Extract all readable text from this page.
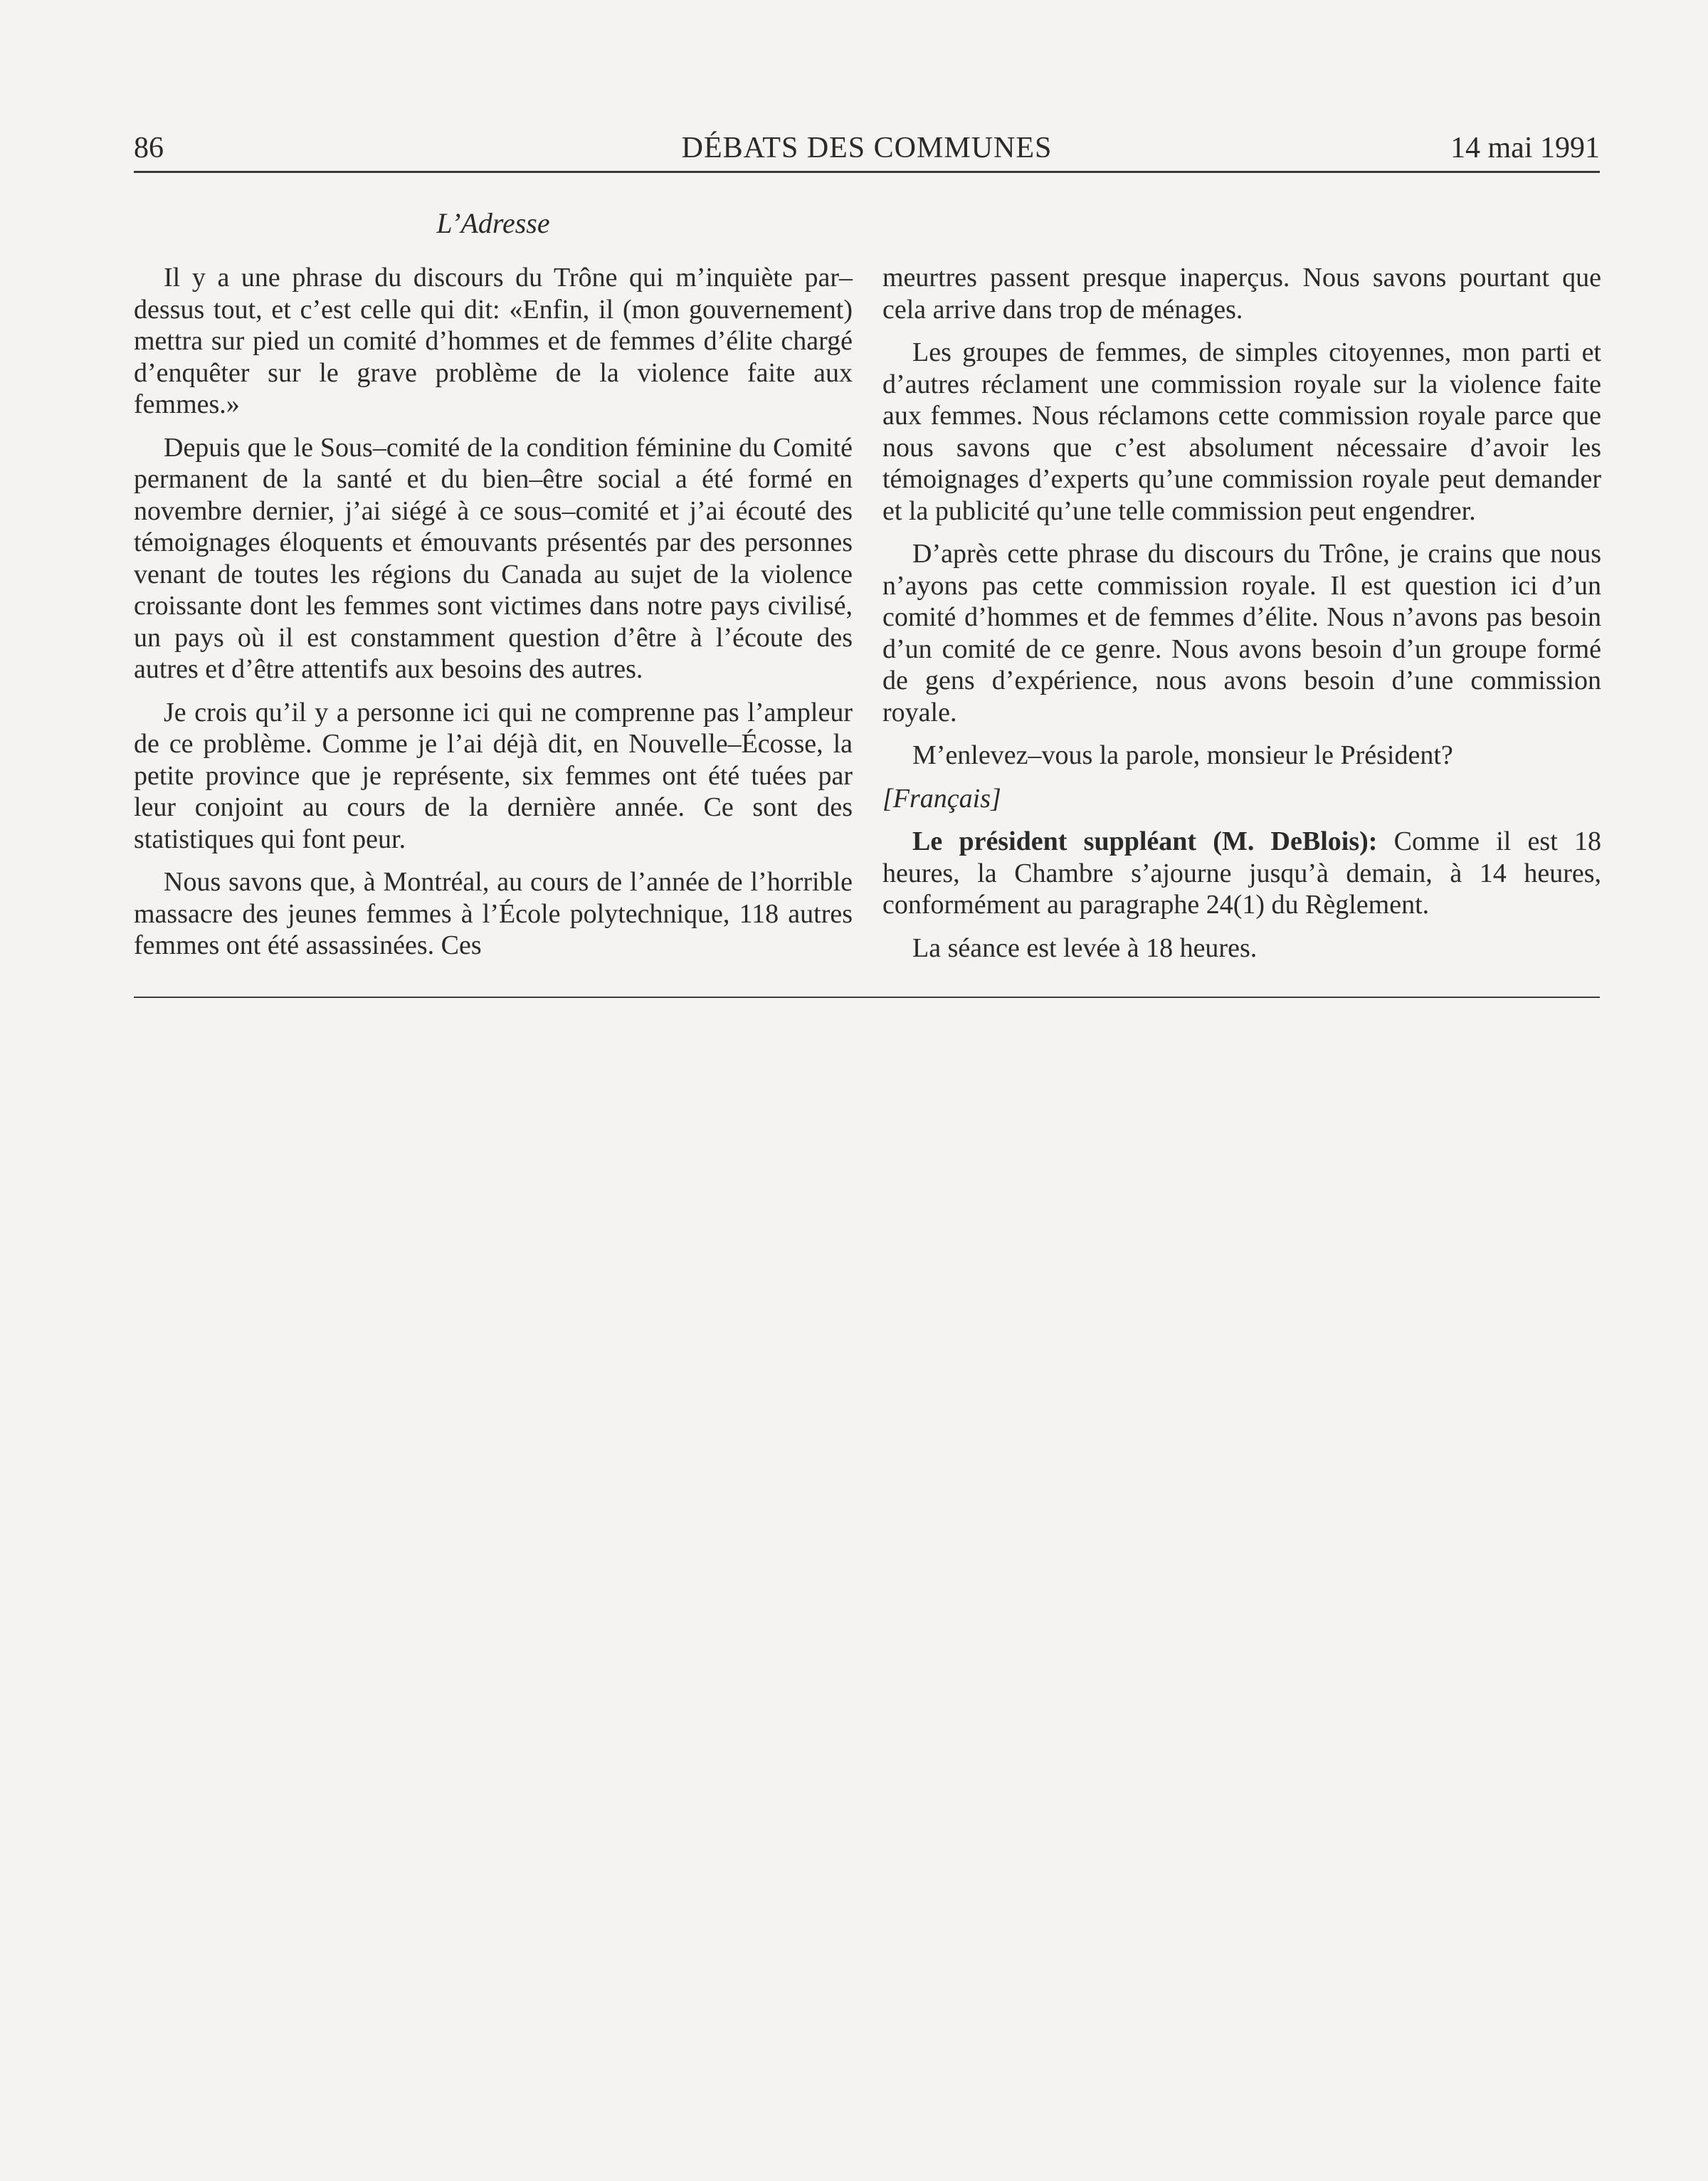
86	DÉBATS DES COMMUNES	14 mai 1991
L’Adresse

Il y a une phrase du discours du Trône qui m’inquiète par–dessus tout, et c’est celle qui dit: «Enfin, il (mon gouvernement) mettra sur pied un comité d’hommes et de femmes d’élite chargé d’enquêter sur le grave problème de la violence faite aux femmes.»

Depuis que le Sous–comité de la condition féminine du Comité permanent de la santé et du bien–être social a été formé en novembre dernier, j’ai siégé à ce sous–comité et j’ai écouté des témoignages éloquents et émouvants présentés par des personnes venant de toutes les régions du Canada au sujet de la violence croissante dont les femmes sont victimes dans notre pays civilisé, un pays où il est constamment question d’être à l’écoute des autres et d’être attentifs aux besoins des autres.

Je crois qu’il y a personne ici qui ne comprenne pas l’ampleur de ce problème. Comme je l’ai déjà dit, en Nouvelle–Écosse, la petite province que je représente, six femmes ont été tuées par leur conjoint au cours de la dernière année. Ce sont des statistiques qui font peur.

Nous savons que, à Montréal, au cours de l’année de l’horrible massacre des jeunes femmes à l’École polytechnique, 118 autres femmes ont été assassinées. Ces

meurtres passent presque inaperçus. Nous savons pourtant que cela arrive dans trop de ménages.

Les groupes de femmes, de simples citoyennes, mon parti et d’autres réclament une commission royale sur la violence faite aux femmes. Nous réclamons cette commission royale parce que nous savons que c’est absolument nécessaire d’avoir les témoignages d’experts qu’une commission royale peut demander et la publicité qu’une telle commission peut engendrer.

D’après cette phrase du discours du Trône, je crains que nous n’ayons pas cette commission royale. Il est question ici d’un comité d’hommes et de femmes d’élite. Nous n’avons pas besoin d’un comité de ce genre. Nous avons besoin d’un groupe formé de gens d’expérience, nous avons besoin d’une commission royale.

M’enlevez–vous la parole, monsieur le Président?

[Français]

Le président suppléant (M. DeBlois): Comme il est 18 heures, la Chambre s’ajourne jusqu’à demain, à 14 heures, conformément au paragraphe 24(1) du Règlement.

La séance est levée à 18 heures.
